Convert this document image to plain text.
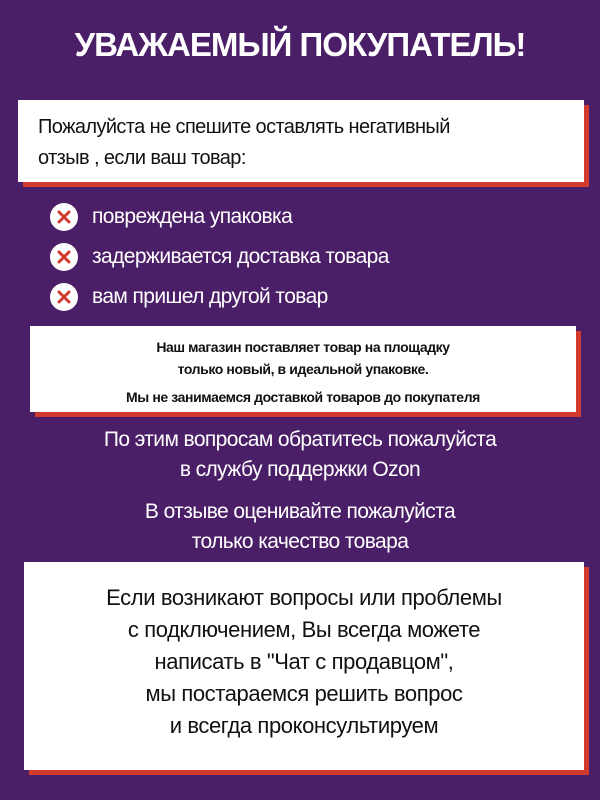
УВАЖАЕМЫЙ ПОКУПАТЕЛЬ!
Пожалуйста не спешите оставлять негативный
отзыв , если ваш товар:
повреждена упаковка
задерживается доставка товара
вам пришел другой товар
Наш магазин поставляет товар на площадку
только новый, в идеальной упаковке.
Мы не занимаемся доставкой товаров до покупателя
По этим вопросам обратитесь пожалуйста
в службу поддержки Ozon
В отзыве оценивайте пожалуйста
только качество товара
Если возникают вопросы или проблемы
с подключением, Вы всегда можете
написать в "Чат с продавцом",
мы постараемся решить вопрос
и всегда проконсультируем
